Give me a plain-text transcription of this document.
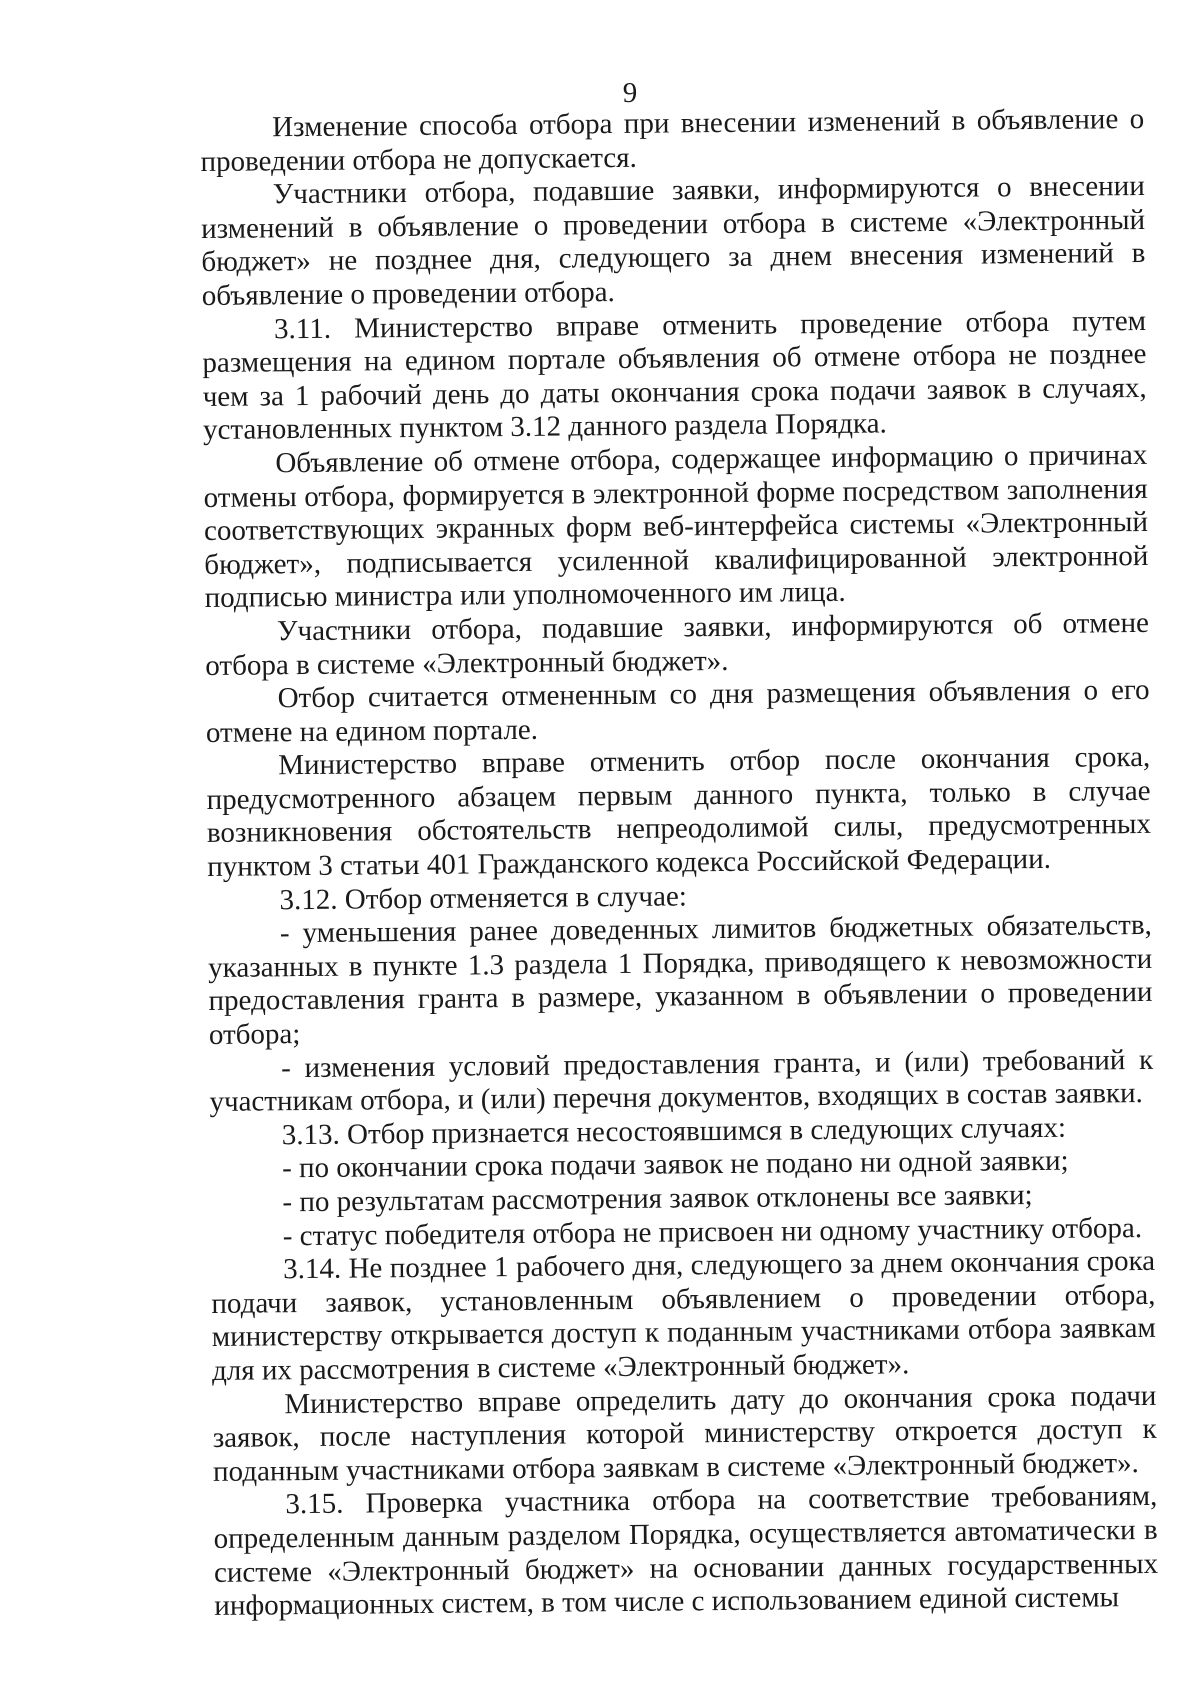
9

Изменение способа отбора при внесении изменений в объявление о проведении отбора не допускается.

Участники отбора, подавшие заявки, информируются о внесении изменений в объявление о проведении отбора в системе «Электронный бюджет» не позднее дня, следующего за днем внесения изменений в объявление о проведении отбора.

3.11. Министерство вправе отменить проведение отбора путем размещения на едином портале объявления об отмене отбора не позднее чем за 1 рабочий день до даты окончания срока подачи заявок в случаях, установленных пунктом 3.12 данного раздела Порядка.

Объявление об отмене отбора, содержащее информацию о причинах отмены отбора, формируется в электронной форме посредством заполнения соответствующих экранных форм веб-интерфейса системы «Электронный бюджет», подписывается усиленной квалифицированной электронной подписью министра или уполномоченного им лица.

Участники отбора, подавшие заявки, информируются об отмене отбора в системе «Электронный бюджет».

Отбор считается отмененным со дня размещения объявления о его отмене на едином портале.

Министерство вправе отменить отбор после окончания срока, предусмотренного абзацем первым данного пункта, только в случае возникновения обстоятельств непреодолимой силы, предусмотренных пунктом 3 статьи 401 Гражданского кодекса Российской Федерации.

3.12. Отбор отменяется в случае:

- уменьшения ранее доведенных лимитов бюджетных обязательств, указанных в пункте 1.3 раздела 1 Порядка, приводящего к невозможности предоставления гранта в размере, указанном в объявлении о проведении отбора;

- изменения условий предоставления гранта, и (или) требований к участникам отбора, и (или) перечня документов, входящих в состав заявки.

3.13. Отбор признается несостоявшимся в следующих случаях:

- по окончании срока подачи заявок не подано ни одной заявки;

- по результатам рассмотрения заявок отклонены все заявки;

- статус победителя отбора не присвоен ни одному участнику отбора.

3.14. Не позднее 1 рабочего дня, следующего за днем окончания срока подачи заявок, установленным объявлением о проведении отбора, министерству открывается доступ к поданным участниками отбора заявкам для их рассмотрения в системе «Электронный бюджет».

Министерство вправе определить дату до окончания срока подачи заявок, после наступления которой министерству откроется доступ к поданным участниками отбора заявкам в системе «Электронный бюджет».

3.15. Проверка участника отбора на соответствие требованиям, определенным данным разделом Порядка, осуществляется автоматически в системе «Электронный бюджет» на основании данных государственных информационных систем, в том числе с использованием единой системы
